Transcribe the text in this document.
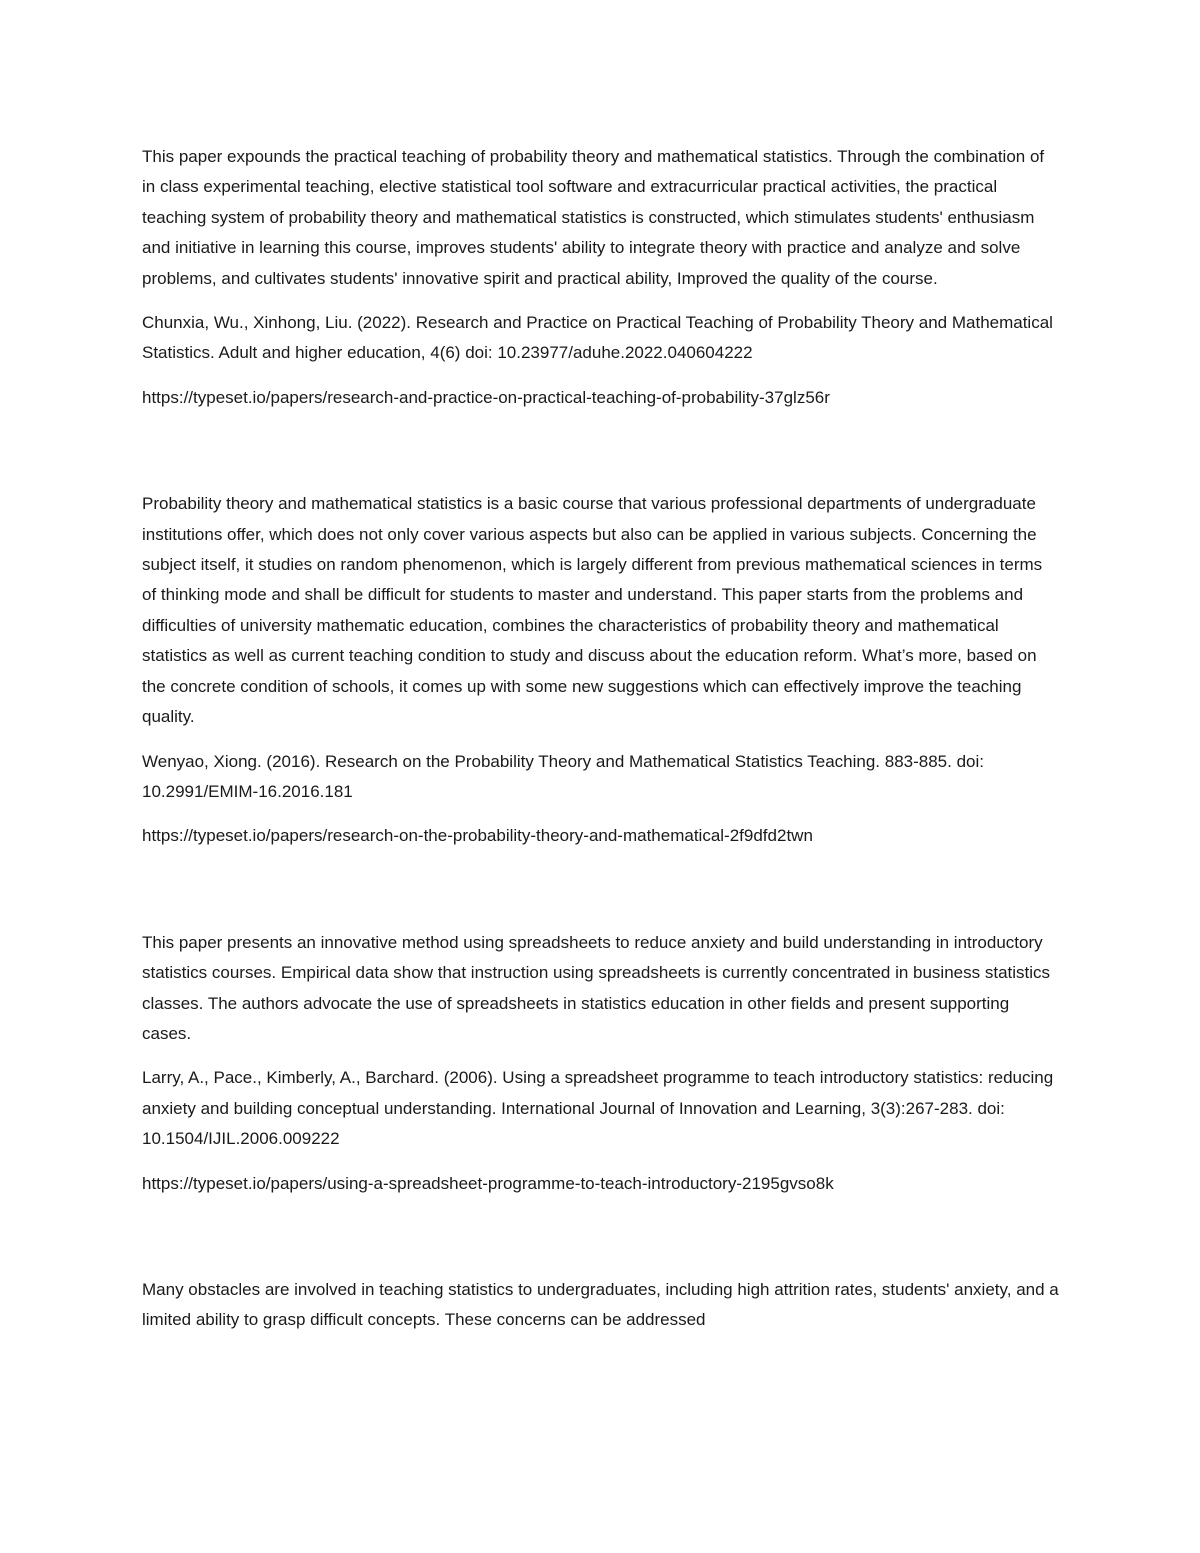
This paper expounds the practical teaching of probability theory and mathematical statistics. Through the combination of in class experimental teaching, elective statistical tool software and extracurricular practical activities, the practical teaching system of probability theory and mathematical statistics is constructed, which stimulates students' enthusiasm and initiative in learning this course, improves students' ability to integrate theory with practice and analyze and solve problems, and cultivates students' innovative spirit and practical ability, Improved the quality of the course.

Chunxia, Wu., Xinhong, Liu. (2022). Research and Practice on Practical Teaching of Probability Theory and Mathematical Statistics. Adult and higher education, 4(6) doi: 10.23977/aduhe.2022.040604222

https://typeset.io/papers/research-and-practice-on-practical-teaching-of-probability-37glz56r

Probability theory and mathematical statistics is a basic course that various professional departments of undergraduate institutions offer, which does not only cover various aspects but also can be applied in various subjects. Concerning the subject itself, it studies on random phenomenon, which is largely different from previous mathematical sciences in terms of thinking mode and shall be difficult for students to master and understand. This paper starts from the problems and difficulties of university mathematic education, combines the characteristics of probability theory and mathematical statistics as well as current teaching condition to study and discuss about the education reform. What’s more, based on the concrete condition of schools, it comes up with some new suggestions which can effectively improve the teaching quality.

Wenyao, Xiong. (2016). Research on the Probability Theory and Mathematical Statistics Teaching. 883-885. doi: 10.2991/EMIM-16.2016.181

https://typeset.io/papers/research-on-the-probability-theory-and-mathematical-2f9dfd2twn

This paper presents an innovative method using spreadsheets to reduce anxiety and build understanding in introductory statistics courses. Empirical data show that instruction using spreadsheets is currently concentrated in business statistics classes. The authors advocate the use of spreadsheets in statistics education in other fields and present supporting cases.

Larry, A., Pace., Kimberly, A., Barchard. (2006). Using a spreadsheet programme to teach introductory statistics: reducing anxiety and building conceptual understanding. International Journal of Innovation and Learning, 3(3):267-283. doi: 10.1504/IJIL.2006.009222

https://typeset.io/papers/using-a-spreadsheet-programme-to-teach-introductory-2195gvso8k

Many obstacles are involved in teaching statistics to undergraduates, including high attrition rates, students' anxiety, and a limited ability to grasp difficult concepts. These concerns can be addressed
